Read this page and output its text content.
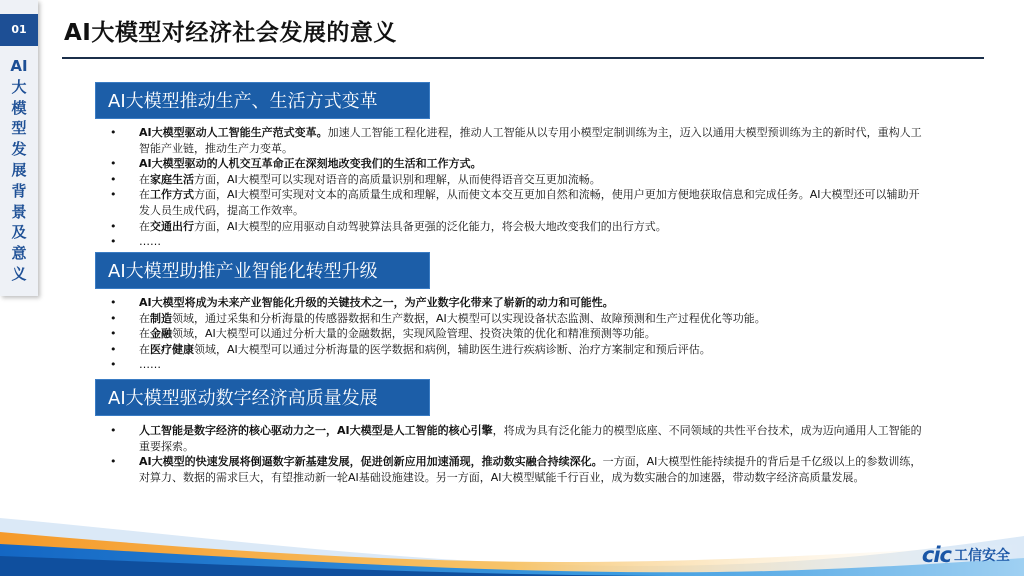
01
AI
大
模
型
发
展
背
景
及
意
义
AI大模型对经济社会发展的意义
AI大模型推动生产、生活方式变革
• AI大模型驱动人工智能生产范式变革。加速人工智能工程化进程，推动人工智能从以专用小模型定制训练为主，迈入以通用大模型预训练为主的新时代，重构人工智能产业链，推动生产力变革。
• AI大模型驱动的人机交互革命正在深刻地改变我们的生活和工作方式。
• 在家庭生活方面，AI大模型可以实现对语音的高质量识别和理解，从而使得语音交互更加流畅。
• 在工作方式方面，AI大模型可实现对文本的高质量生成和理解，从而使文本交互更加自然和流畅，使用户更加方便地获取信息和完成任务。AI大模型还可以辅助开发人员生成代码，提高工作效率。
• 在交通出行方面，AI大模型的应用驱动自动驾驶算法具备更强的泛化能力，将会极大地改变我们的出行方式。
• ……
AI大模型助推产业智能化转型升级
• AI大模型将成为未来产业智能化升级的关键技术之一，为产业数字化带来了崭新的动力和可能性。
• 在制造领域，通过采集和分析海量的传感器数据和生产数据，AI大模型可以实现设备状态监测、故障预测和生产过程优化等功能。
• 在金融领域，AI大模型可以通过分析大量的金融数据，实现风险管理、投资决策的优化和精准预测等功能。
• 在医疗健康领域，AI大模型可以通过分析海量的医学数据和病例，辅助医生进行疾病诊断、治疗方案制定和预后评估。
• ……
AI大模型驱动数字经济高质量发展
• 人工智能是数字经济的核心驱动力之一，AI大模型是人工智能的核心引擎，将成为具有泛化能力的模型底座、不同领域的共性平台技术，成为迈向通用人工智能的重要探索。
• AI大模型的快速发展将倒逼数字新基建发展，促进创新应用加速涌现，推动数实融合持续深化。一方面，AI大模型性能持续提升的背后是千亿级以上的参数训练，对算力、数据的需求巨大，有望推动新一轮AI基础设施建设。另一方面，AI大模型赋能千行百业，成为数实融合的加速器，带动数字经济高质量发展。
cic 工信安全
